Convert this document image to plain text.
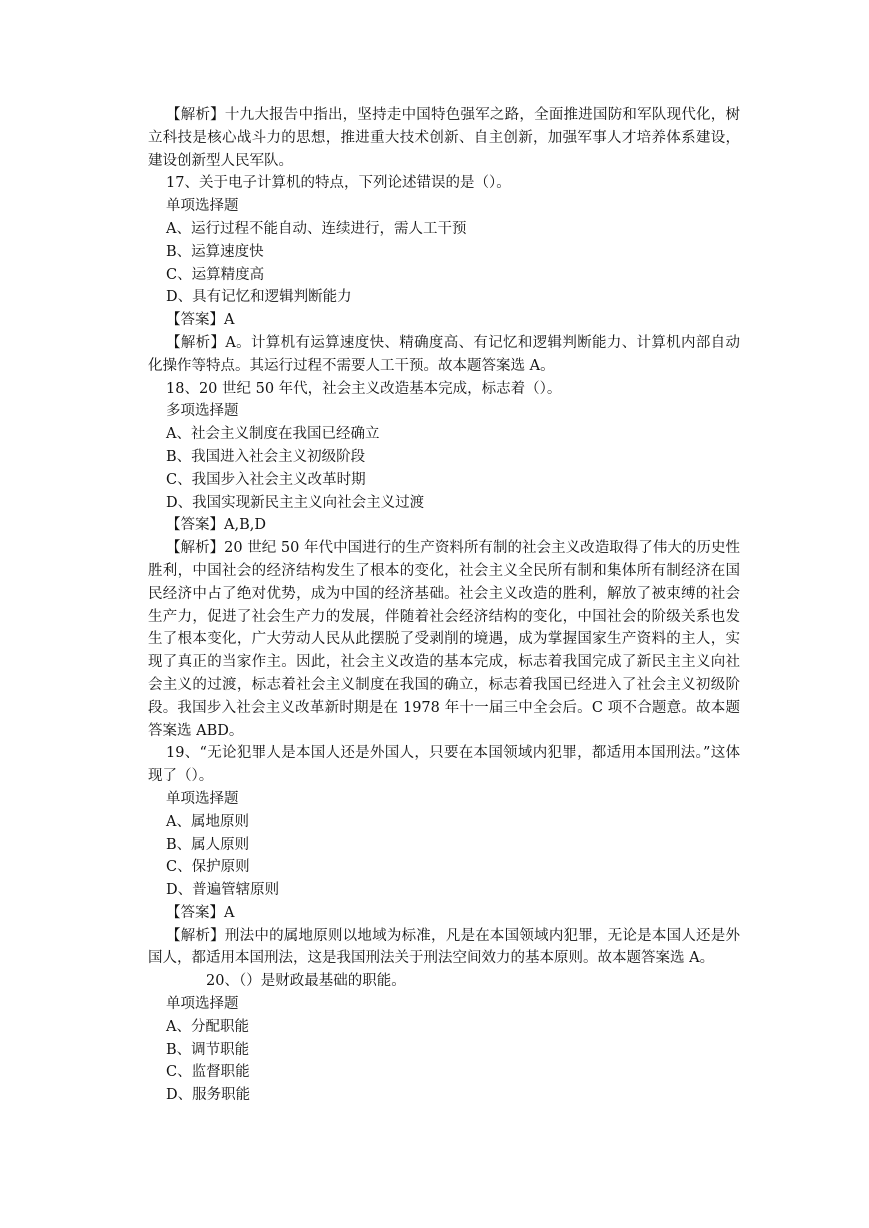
【解析】十九大报告中指出，坚持走中国特色强军之路，全面推进国防和军队现代化，树立科技是核心战斗力的思想，推进重大技术创新、自主创新，加强军事人才培养体系建设，建设创新型人民军队。

17、关于电子计算机的特点，下列论述错误的是（）。

单项选择题

A、运行过程不能自动、连续进行，需人工干预

B、运算速度快

C、运算精度高

D、具有记忆和逻辑判断能力

【答案】A

【解析】A。计算机有运算速度快、精确度高、有记忆和逻辑判断能力、计算机内部自动化操作等特点。其运行过程不需要人工干预。故本题答案选 A。

18、20 世纪 50 年代，社会主义改造基本完成，标志着（）。

多项选择题

A、社会主义制度在我国已经确立

B、我国进入社会主义初级阶段

C、我国步入社会主义改革时期

D、我国实现新民主主义向社会主义过渡

【答案】A,B,D

【解析】20 世纪 50 年代中国进行的生产资料所有制的社会主义改造取得了伟大的历史性胜利，中国社会的经济结构发生了根本的变化，社会主义全民所有制和集体所有制经济在国民经济中占了绝对优势，成为中国的经济基础。社会主义改造的胜利，解放了被束缚的社会生产力，促进了社会生产力的发展，伴随着社会经济结构的变化，中国社会的阶级关系也发生了根本变化，广大劳动人民从此摆脱了受剥削的境遇，成为掌握国家生产资料的主人，实现了真正的当家作主。因此，社会主义改造的基本完成，标志着我国完成了新民主主义向社会主义的过渡，标志着社会主义制度在我国的确立，标志着我国已经进入了社会主义初级阶段。我国步入社会主义改革新时期是在 1978 年十一届三中全会后。C 项不合题意。故本题答案选 ABD。

19、“无论犯罪人是本国人还是外国人，只要在本国领域内犯罪，都适用本国刑法。”这体现了（）。

单项选择题

A、属地原则

B、属人原则

C、保护原则

D、普遍管辖原则

【答案】A

【解析】刑法中的属地原则以地域为标准，凡是在本国领域内犯罪，无论是本国人还是外国人，都适用本国刑法，这是我国刑法关于刑法空间效力的基本原则。故本题答案选 A。

20、（）是财政最基础的职能。

单项选择题

A、分配职能

B、调节职能

C、监督职能

D、服务职能
